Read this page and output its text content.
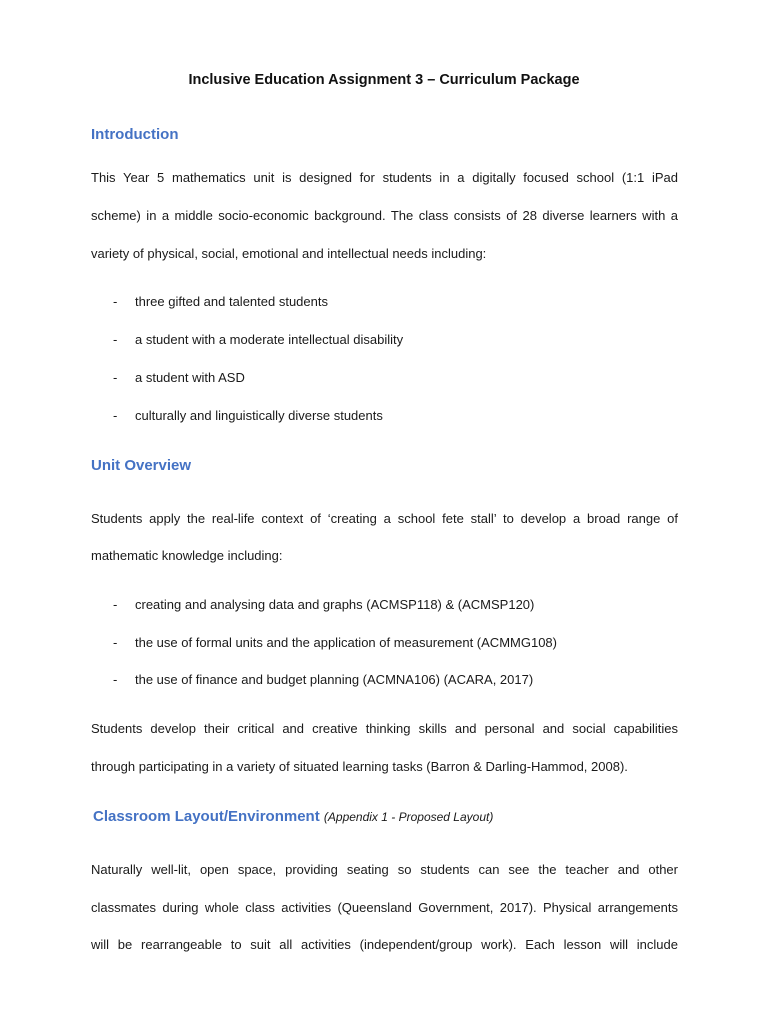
Inclusive Education Assignment 3 – Curriculum Package
Introduction
This Year 5 mathematics unit is designed for students in a digitally focused school (1:1 iPad
scheme) in a middle socio-economic background. The class consists of 28 diverse learners with a
variety of physical, social, emotional and intellectual needs including:
- three gifted and talented students
- a student with a moderate intellectual disability
- a student with ASD
- culturally and linguistically diverse students
Unit Overview
Students apply the real-life context of ‘creating a school fete stall’ to develop a broad range of
mathematic knowledge including:
- creating and analysing data and graphs (ACMSP118) & (ACMSP120)
- the use of formal units and the application of measurement (ACMMG108)
- the use of finance and budget planning (ACMNA106) (ACARA, 2017)
Students develop their critical and creative thinking skills and personal and social capabilities
through participating in a variety of situated learning tasks (Barron & Darling-Hammod, 2008).
Classroom Layout/Environment (Appendix 1 - Proposed Layout)
Naturally well-lit, open space, providing seating so students can see the teacher and other
classmates during whole class activities (Queensland Government, 2017). Physical arrangements
will be rearrangeable to suit all activities (independent/group work). Each lesson will include
